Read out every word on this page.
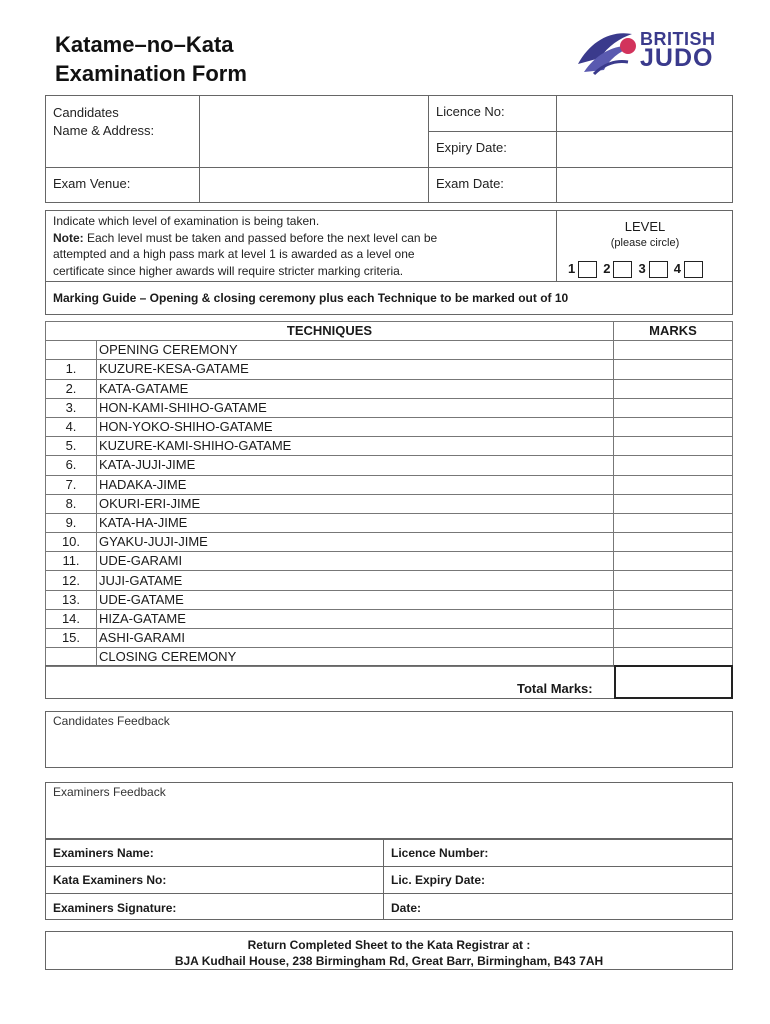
Katame–no–Kata
Examination Form
BRITISH
JUDO
Candidates
Name & Address:
Licence No:
Expiry Date:
Exam Venue:	Exam Date:
Indicate which level of examination is being taken.
Note: Each level must be taken and passed before the next level can be
attempted and a high pass mark at level 1 is awarded as a level one
certificate since higher awards will require stricter marking criteria.
LEVEL
(please circle)
1 2 3 4
Marking Guide – Opening & closing ceremony plus each Technique to be marked out of 10
TECHNIQUES		MARKS
	OPENING CEREMONY	
1.	KUZURE-KESA-GATAME	
2.	KATA-GATAME	
3.	HON-KAMI-SHIHO-GATAME	
4.	HON-YOKO-SHIHO-GATAME	
5.	KUZURE-KAMI-SHIHO-GATAME	
6.	KATA-JUJI-JIME	
7.	HADAKA-JIME	
8.	OKURI-ERI-JIME	
9.	KATA-HA-JIME	
10.	GYAKU-JUJI-JIME	
11.	UDE-GARAMI	
12.	JUJI-GATAME	
13.	UDE-GATAME	
14.	HIZA-GATAME	
15.	ASHI-GARAMI	
	CLOSING CEREMONY	
Total Marks:
Candidates Feedback
Examiners Feedback
Examiners Name:	Licence Number:
Kata Examiners No:	Lic. Expiry Date:
Examiners Signature:	Date:
Return Completed Sheet to the Kata Registrar at :
BJA Kudhail House, 238 Birmingham Rd, Great Barr, Birmingham, B43 7AH
